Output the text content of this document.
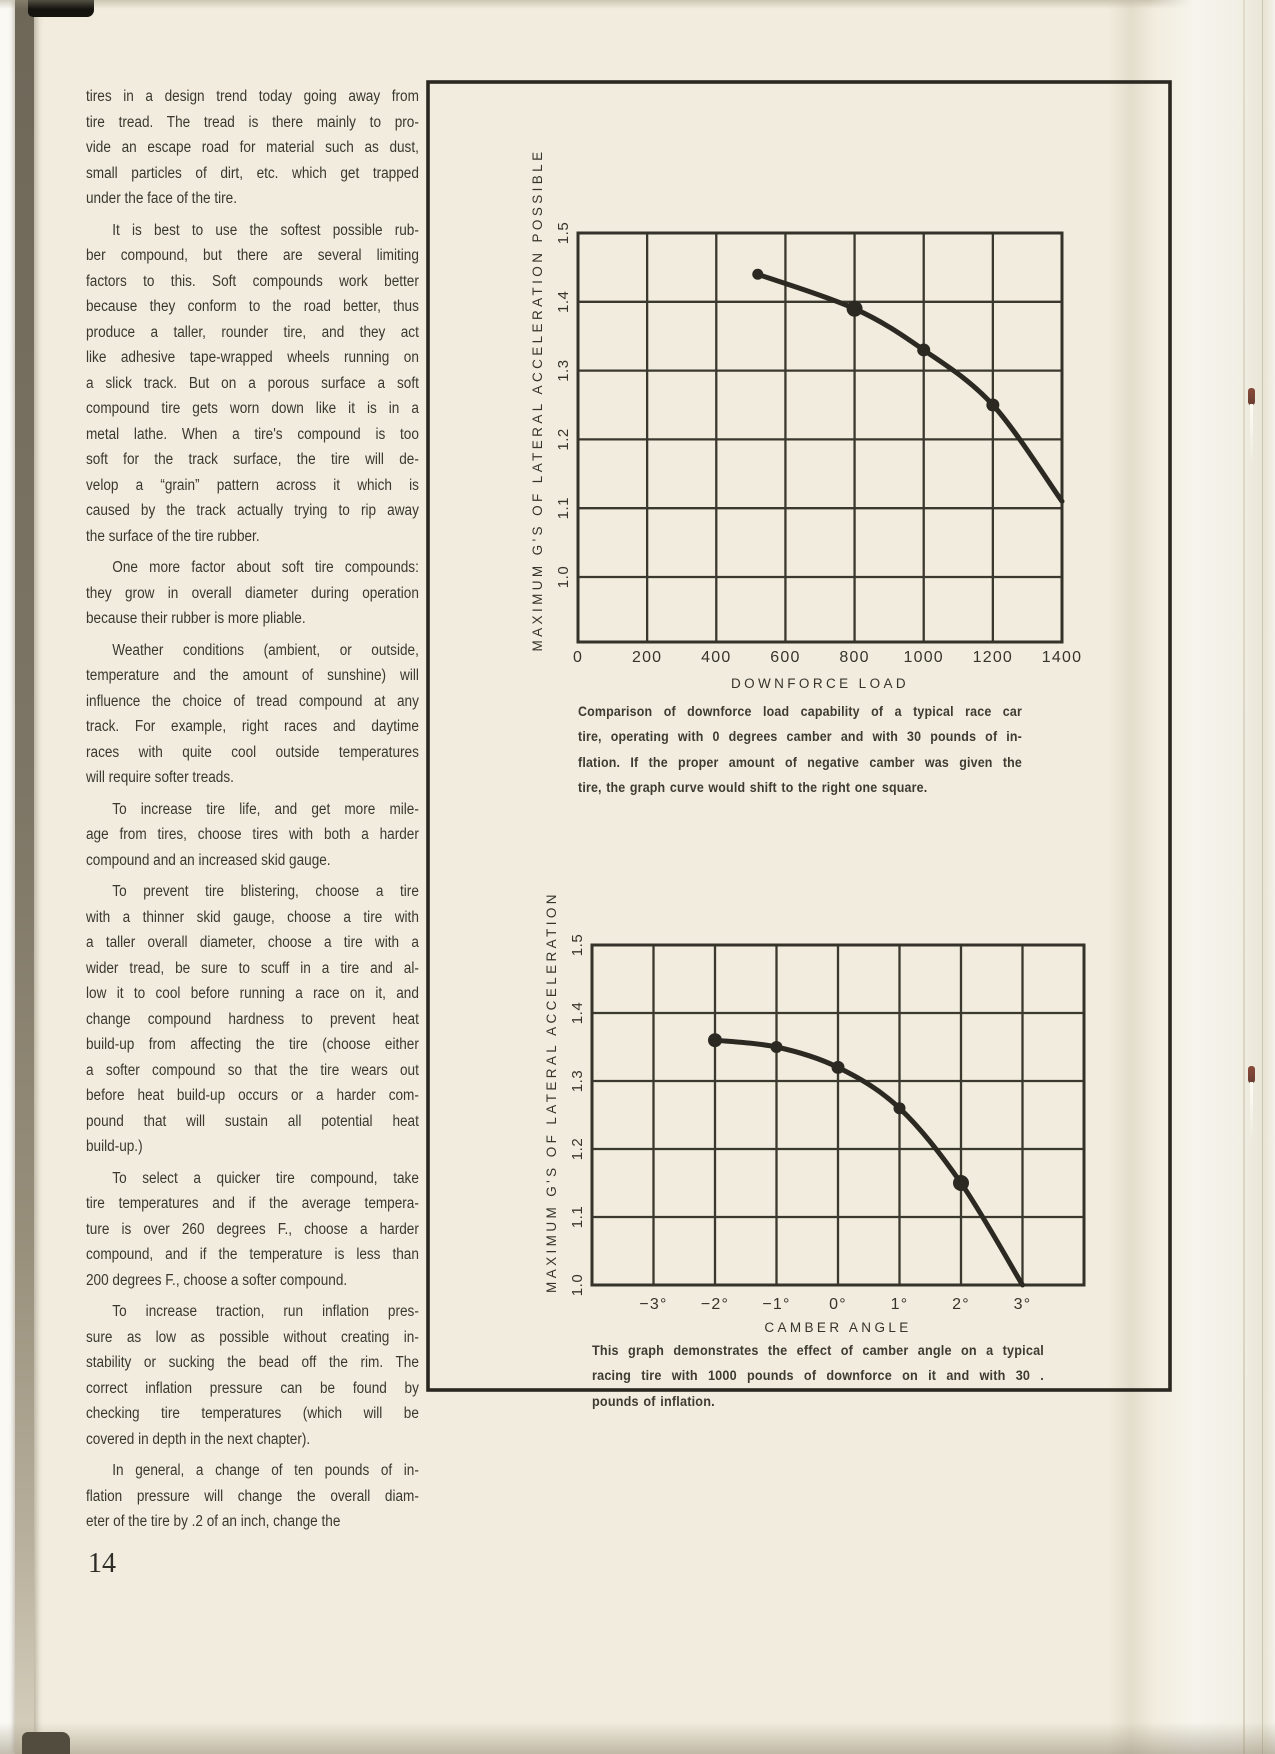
tires in a design trend today going away from
tire tread. The tread is there mainly to pro-
vide an escape road for material such as dust,
small particles of dirt, etc. which get trapped
under the face of the tire.
It is best to use the softest possible rub-
ber compound, but there are several limiting
factors to this. Soft compounds work better
because they conform to the road better, thus
produce a taller, rounder tire, and they act
like adhesive tape-wrapped wheels running on
a slick track. But on a porous surface a soft
compound tire gets worn down like it is in a
metal lathe. When a tire's compound is too
soft for the track surface, the tire will de-
velop a “grain” pattern across it which is
caused by the track actually trying to rip away
the surface of the tire rubber.
One more factor about soft tire compounds:
they grow in overall diameter during operation
because their rubber is more pliable.
Weather conditions (ambient, or outside,
temperature and the amount of sunshine) will
influence the choice of tread compound at any
track. For example, right races and daytime
races with quite cool outside temperatures
will require softer treads.
To increase tire life, and get more mile-
age from tires, choose tires with both a harder
compound and an increased skid gauge.
To prevent tire blistering, choose a tire
with a thinner skid gauge, choose a tire with
a taller overall diameter, choose a tire with a
wider tread, be sure to scuff in a tire and al-
low it to cool before running a race on it, and
change compound hardness to prevent heat
build-up from affecting the tire (choose either
a softer compound so that the tire wears out
before heat build-up occurs or a harder com-
pound that will sustain all potential heat
build-up.)
To select a quicker tire compound, take
tire temperatures and if the average tempera-
ture is over 260 degrees F., choose a harder
compound, and if the temperature is less than
200 degrees F., choose a softer compound.
To increase traction, run inflation pres-
sure as low as possible without creating in-
stability or sucking the bead off the rim. The
correct inflation pressure can be found by
checking tire temperatures (which will be
covered in depth in the next chapter).
In general, a change of ten pounds of in-
flation pressure will change the overall diam-
eter of the tire by .2 of an inch, change the
0	200 400 600 800 1000 1200 1400
1.0
1.1
1.2
1.3
1.4
1.5
DOWNFORCE LOAD
MAXIMUM G'S OF LATERAL ACCELERATION POSSIBLE
−3° −2° −1° 0°	1°	2°	3°
1.0
1.1
1.2
1.3
1.4
1.5
CAMBER ANGLE
MAXIMUM G'S OF LATERAL ACCELERATION
Comparison of downforce load capability of a typical race car
tire, operating with 0 degrees camber and with 30 pounds of in-
flation. If the proper amount of negative camber was given the
tire, the graph curve would shift to the right one square.
This graph demonstrates the effect of camber angle on a typical
racing tire with 1000 pounds of downforce on it and with 30 .
pounds of inflation.
14
